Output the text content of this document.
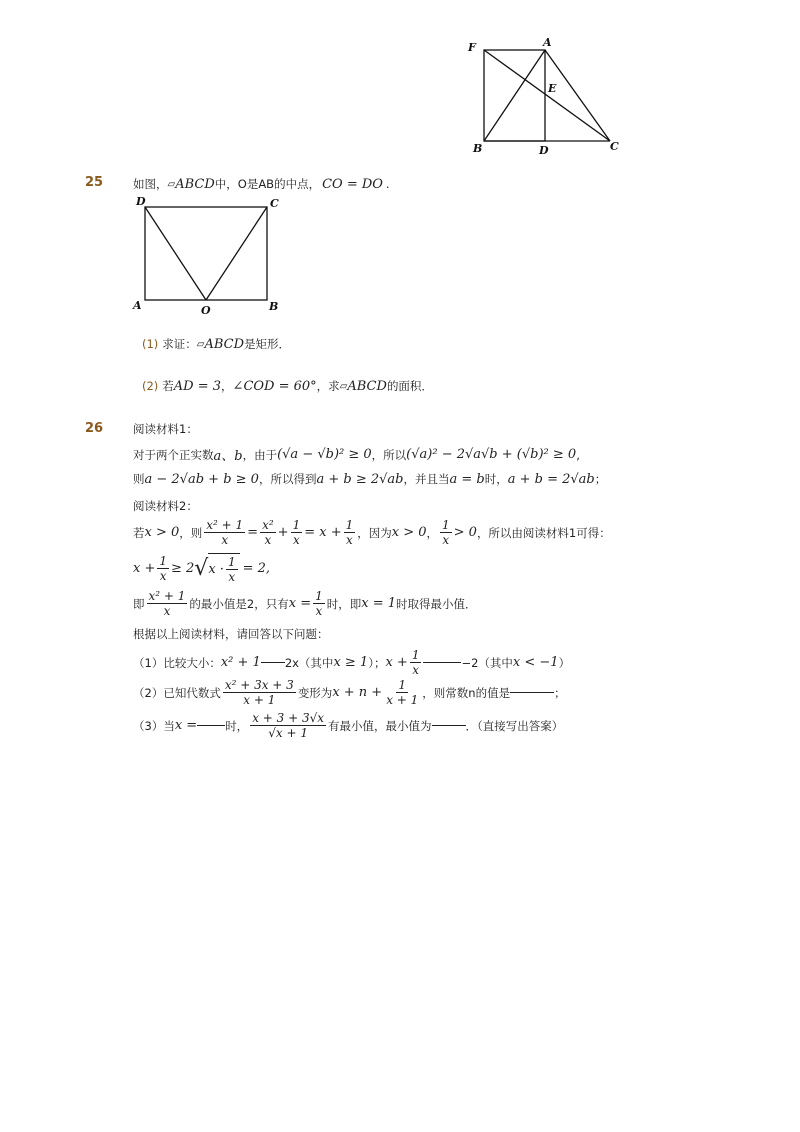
F	A
E
B	D	C
25	如图， ▱ ABCD 中， O是AB的中点， CO = DO .
D	C
A	O	B
(1) 求证： ▱ ABCD 是矩形．
(2) 若 AD = 3 ， ∠COD = 60° ，求 ▱ ABCD 的面积．
26	阅读材料1：
对于两个正实数 a、b ，由于 (√a − √b)² ≥ 0 ，所以 (√a)² − 2√a√b + (√b)² ≥ 0 ,
则 a − 2√ab + b ≥ 0 ，所以得到 a + b ≥ 2√ab ，并且当 a = b 时， a + b = 2√ab ；
阅读材料2：
若 x > 0 ，则 $\frac{\text{x² + 1}}{x} = \frac{\text{x²}}{x} + \frac{1}{x} = x + \frac{1}{x}$ ，因为 x > 0 ， $\frac{1}{x} > 0$ ，所以由阅读材料1可得：
$x + \frac{1}{x} \ge 2$ √ $x \cdot \frac{1}{x} = 2$,
即 $\frac{\text{x² + 1}}{x}$ 的最小值是2，只有 $x = \frac{1}{x}$ 时，即 x = 1 时取得最小值．
根据以上阅读材料，请回答以下问题：
（1）比较大小： x² + 1 2x（其中 x ≥ 1 ）； $x + \frac{1}{x}$	−2（其中 x < −1 ）
（2）已知代数式 $\frac{\text{x² + 3x + 3}}{x + 1}$ 变形为 $x + n + \frac{1}{x + 1}$ ，则常数n的值是	；
（3）当 x = 时， $\frac{x + 3 + 3√x}{√x + 1}$ 有最小值，最小值为	．（直接写出答案）
